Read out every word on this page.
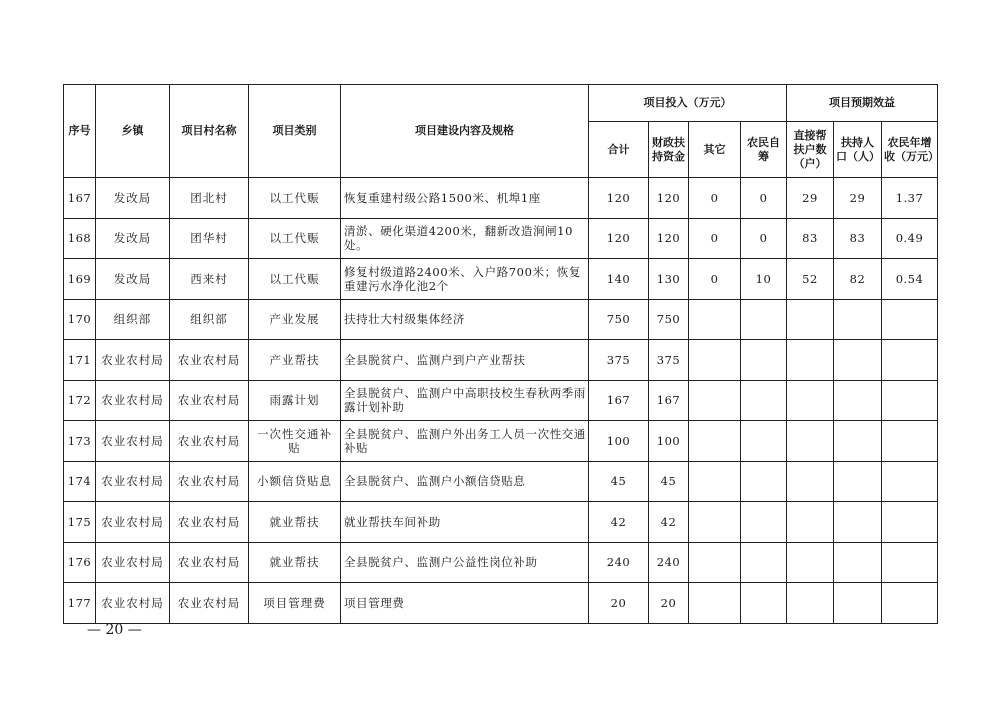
序号	乡镇	项目村名称	项目类别	项目建设内容及规格	项目投入（万元）				项目预期效益		
					合计	财政扶持资金	其它	农民自筹	直接帮扶户数（户）	扶持人口（人）	农民年增收（万元）
167	发改局	团北村	以工代赈	恢复重建村级公路1500米、机埠1座	120	120	0	0	29	29	1.37
168	发改局	团华村	以工代赈	清淤、硬化渠道4200米，翻新改造涧闸10处。	120	120	0	0	83	83	0.49
169	发改局	西来村	以工代赈	修复村级道路2400米、入户路700米；恢复重建污水净化池2个	140	130	0	10	52	82	0.54
170	组织部	组织部	产业发展	扶持壮大村级集体经济	750	750					
171	农业农村局	农业农村局	产业帮扶	全县脱贫户、监测户到户产业帮扶	375	375					
172	农业农村局	农业农村局	雨露计划	全县脱贫户、监测户中高职技校生春秋两季雨露计划补助	167	167					
173	农业农村局	农业农村局	一次性交通补贴	全县脱贫户、监测户外出务工人员一次性交通补贴	100	100					
174	农业农村局	农业农村局	小额信贷贴息	全县脱贫户、监测户小额信贷贴息	45	45					
175	农业农村局	农业农村局	就业帮扶	就业帮扶车间补助	42	42					
176	农业农村局	农业农村局	就业帮扶	全县脱贫户、监测户公益性岗位补助	240	240					
177	农业农村局	农业农村局	项目管理费	项目管理费	20	20					
— 20 —
